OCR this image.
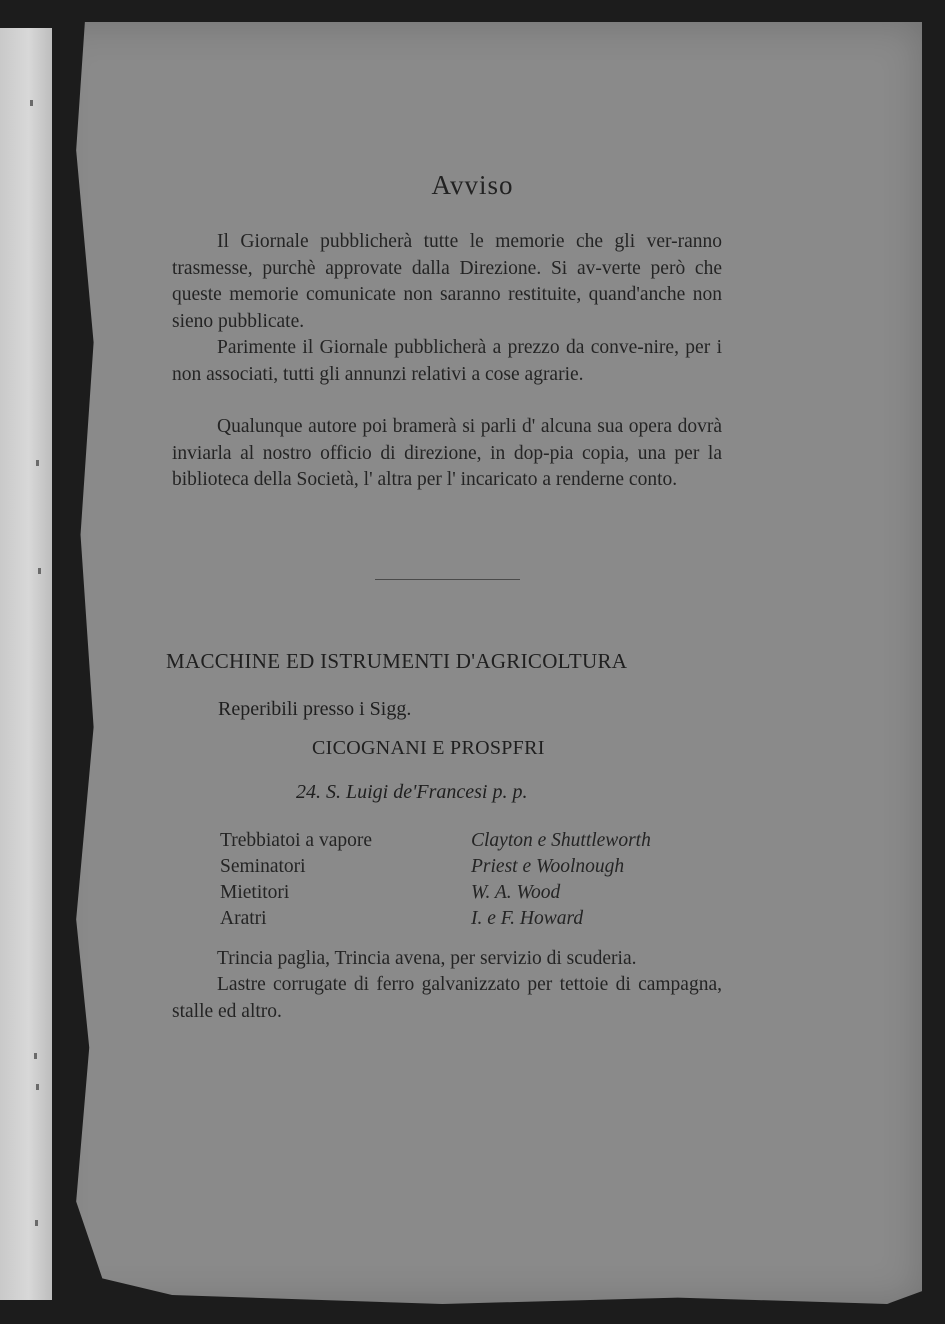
Avviso
Il Giornale pubblicherà tutte le memorie che gli ver-ranno trasmesse, purchè approvate dalla Direzione. Si av-verte però che queste memorie comunicate non saranno restituite, quand'anche non sieno pubblicate.
Parimente il Giornale pubblicherà a prezzo da conve-nire, per i non associati, tutti gli annunzi relativi a cose agrarie.
Qualunque autore poi bramerà si parli d' alcuna sua opera dovrà inviarla al nostro officio di direzione, in dop-pia copia, una per la biblioteca della Società, l' altra per l' incaricato a renderne conto.
MACCHINE ED ISTRUMENTI D'AGRICOLTURA
Reperibili presso i Sigg.
CICOGNANI E PROSPFRI
24. S. Luigi de'Francesi p. p.
Trebbiatoi a vapore	Clayton e Shuttleworth
Seminatori	Priest e Woolnough
Mietitori	W. A. Wood
Aratri	I. e F. Howard
Trincia paglia, Trincia avena, per servizio di scuderia.
Lastre corrugate di ferro galvanizzato per tettoie di campagna, stalle ed altro.
